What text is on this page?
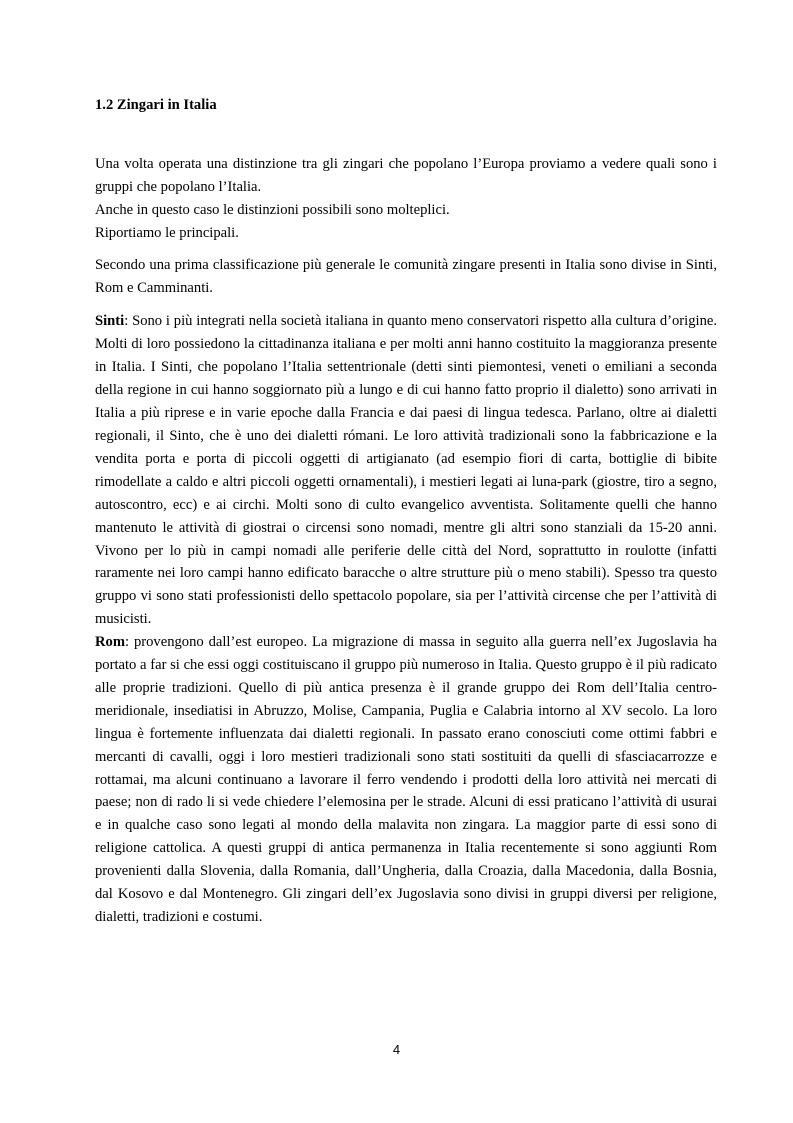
1.2 Zingari in Italia

Una volta operata una distinzione tra gli zingari che popolano l’Europa proviamo a vedere quali sono i gruppi che popolano l’Italia.

Anche in questo caso le distinzioni possibili sono molteplici.

Riportiamo le principali.

Secondo una prima classificazione più generale le comunità zingare presenti in Italia sono divise in Sinti, Rom e Camminanti.

Sinti: Sono i più integrati nella società italiana in quanto meno conservatori rispetto alla cultura d’origine. Molti di loro possiedono la cittadinanza italiana e per molti anni hanno costituito la maggioranza presente in Italia. I Sinti, che popolano l’Italia settentrionale (detti sinti piemontesi, veneti o emiliani a seconda della regione in cui hanno soggiornato più a lungo e di cui hanno fatto proprio il dialetto) sono arrivati in Italia a più riprese e in varie epoche dalla Francia e dai paesi di lingua tedesca. Parlano, oltre ai dialetti regionali, il Sinto, che è uno dei dialetti rómani. Le loro attività tradizionali sono la fabbricazione e la vendita porta e porta di piccoli oggetti di artigianato (ad esempio fiori di carta, bottiglie di bibite rimodellate a caldo e altri piccoli oggetti ornamentali), i mestieri legati ai luna-park (giostre, tiro a segno, autoscontro, ecc) e ai circhi. Molti sono di culto evangelico avventista. Solitamente quelli che hanno mantenuto le attività di giostrai o circensi sono nomadi, mentre gli altri sono stanziali da 15-20 anni. Vivono per lo più in campi nomadi alle periferie delle città del Nord, soprattutto in roulotte (infatti raramente nei loro campi hanno edificato baracche o altre strutture più o meno stabili). Spesso tra questo gruppo vi sono stati professionisti dello spettacolo popolare, sia per l’attività circense che per l’attività di musicisti.

Rom: provengono dall’est europeo. La migrazione di massa in seguito alla guerra nell’ex Jugoslavia ha portato a far si che essi oggi costituiscano il gruppo più numeroso in Italia. Questo gruppo è il più radicato alle proprie tradizioni. Quello di più antica presenza è il grande gruppo dei Rom dell’Italia centro-meridionale, insediatisi in Abruzzo, Molise, Campania, Puglia e Calabria intorno al XV secolo. La loro lingua è fortemente influenzata dai dialetti regionali. In passato erano conosciuti come ottimi fabbri e mercanti di cavalli, oggi i loro mestieri tradizionali sono stati sostituiti da quelli di sfasciacarrozze e rottamai, ma alcuni continuano a lavorare il ferro vendendo i prodotti della loro attività nei mercati di paese; non di rado li si vede chiedere l’elemosina per le strade. Alcuni di essi praticano l’attività di usurai e in qualche caso sono legati al mondo della malavita non zingara. La maggior parte di essi sono di religione cattolica. A questi gruppi di antica permanenza in Italia recentemente si sono aggiunti Rom provenienti dalla Slovenia, dalla Romania, dall’Ungheria, dalla Croazia, dalla Macedonia, dalla Bosnia, dal Kosovo e dal Montenegro. Gli zingari dell’ex Jugoslavia sono divisi in gruppi diversi per religione, dialetti, tradizioni e costumi.

4
